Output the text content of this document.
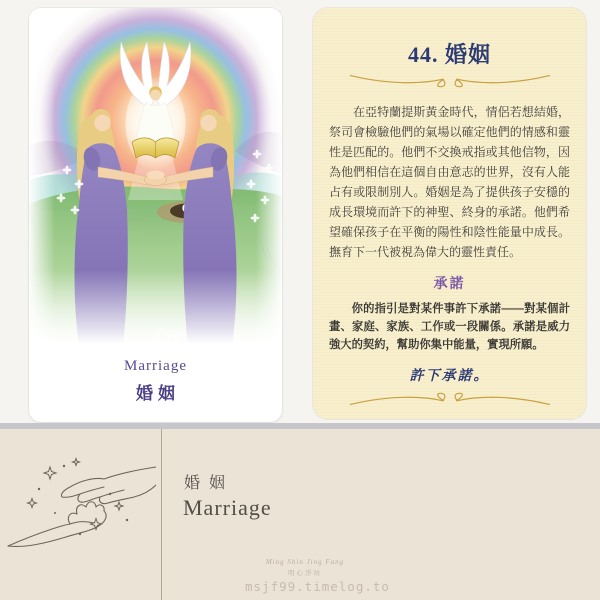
Marriage
婚姻
44. 婚姻

在亞特蘭提斯黃金時代，情侶若想結婚，祭司會檢驗他們的氣場以確定他們的情感和靈性是匹配的。他們不交換戒指或其他信物，因為他們相信在這個自由意志的世界，沒有人能占有或限制別人。婚姻是為了提供孩子安穩的成長環境而許下的神聖、終身的承諾。他們希望確保孩子在平衡的陽性和陰性能量中成長。撫育下一代被視為偉大的靈性責任。

承諾

你的指引是對某件事許下承諾——對某個計畫、家庭、家族、工作或一段關係。承諾是威力強大的契約，幫助你集中能量，實現所願。

許下承諾。
婚姻
Marriage
Ming Shin Jing Fang
明心淨坊
msjf99.timelog.to
